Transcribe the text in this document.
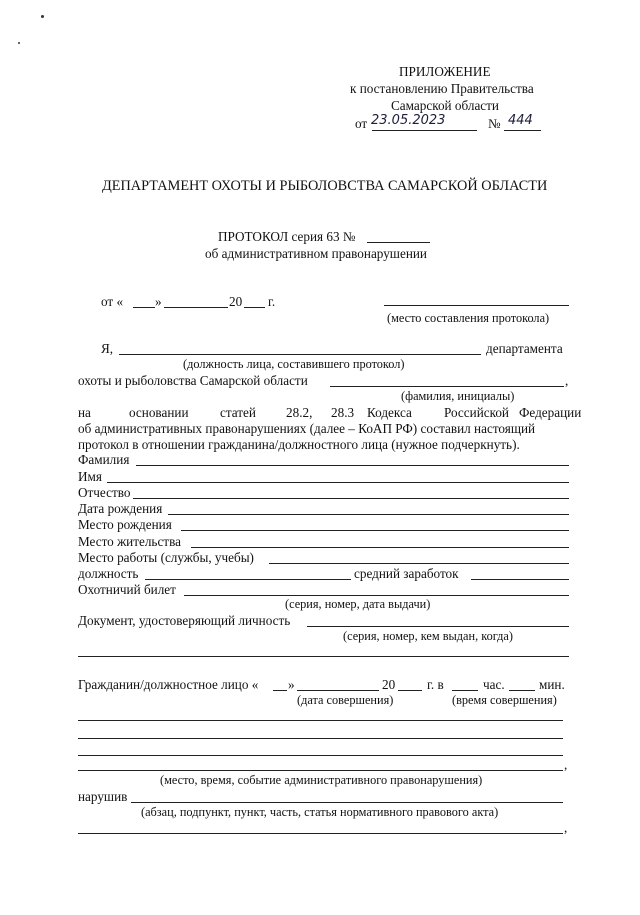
ПРИЛОЖЕНИЕ
к постановлению Правительства
Самарской области
от 23.05.2023	№ 444
ДЕПАРТАМЕНТ ОХОТЫ И РЫБОЛОВСТВА САМАРСКОЙ ОБЛАСТИ
ПРОТОКОЛ серия 63 №
об административном правонарушении
от « »	20 г.
(место составления протокола)
Я,	департамента
(должность лица, составившего протокол)
охоты и рыболовства Самарской области	,
(фамилия, инициалы)
на	основании статей 28.2, 28.3 Кодекса Российской Федерации
об административных правонарушениях (далее – КоАП РФ) составил настоящий
протокол в отношении гражданина/должностного лица (нужное подчеркнуть).
Фамилия
Имя
Отчество
Дата рождения
Место рождения
Место жительства
Место работы (службы, учебы)
должность	средний заработок
Охотничий билет
(серия, номер, дата выдачи)
Документ, удостоверяющий личность
(серия, номер, кем выдан, когда)
Гражданин/должностное лицо « »	20 г. в	час.	мин.
(дата совершения)	(время совершения)
,
(место, время, событие административного правонарушения)
нарушив
(абзац, подпункт, пункт, часть, статья нормативного правового акта)
,
